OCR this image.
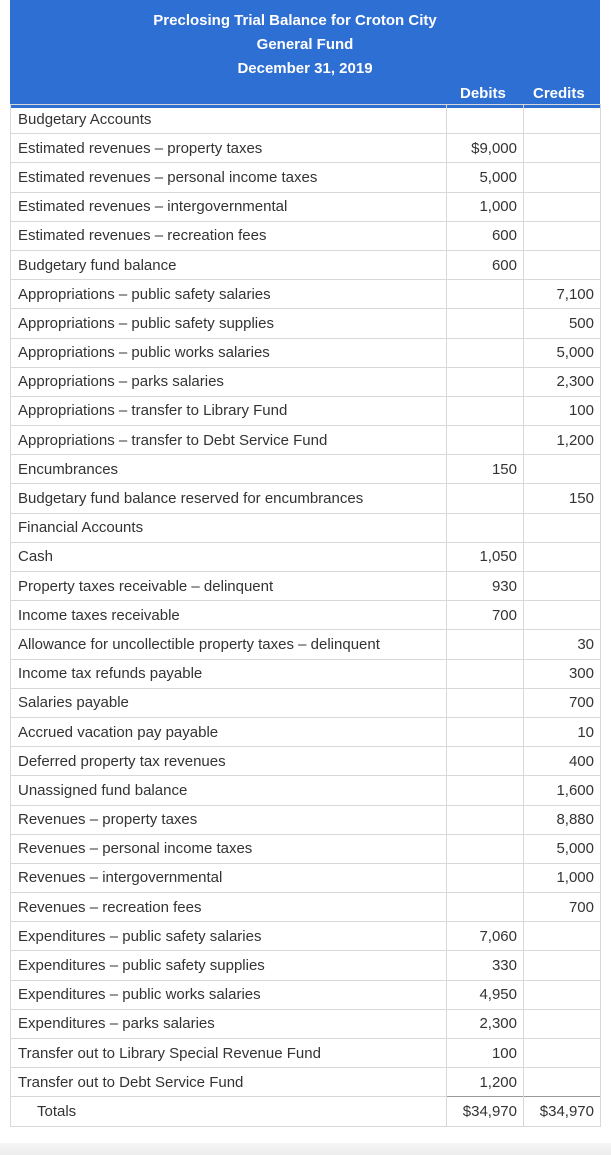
Preclosing Trial Balance for Croton City
General Fund
December 31, 2019
Debits Credits
Budgetary Accounts		
Estimated revenues – property taxes	$9,000	
Estimated revenues – personal income taxes	5,000	
Estimated revenues – intergovernmental	1,000	
Estimated revenues – recreation fees	600	
Budgetary fund balance	600	
Appropriations – public safety salaries		7,100
Appropriations – public safety supplies		500
Appropriations – public works salaries		5,000
Appropriations – parks salaries		2,300
Appropriations – transfer to Library Fund		100
Appropriations – transfer to Debt Service Fund		1,200
Encumbrances	150	
Budgetary fund balance reserved for encumbrances		150
Financial Accounts		
Cash	1,050	
Property taxes receivable – delinquent	930	
Income taxes receivable	700	
Allowance for uncollectible property taxes – delinquent		30
Income tax refunds payable		300
Salaries payable		700
Accrued vacation pay payable		10
Deferred property tax revenues		400
Unassigned fund balance		1,600
Revenues – property taxes		8,880
Revenues – personal income taxes		5,000
Revenues – intergovernmental		1,000
Revenues – recreation fees		700
Expenditures – public safety salaries	7,060	
Expenditures – public safety supplies	330	
Expenditures – public works salaries	4,950	
Expenditures – parks salaries	2,300	
Transfer out to Library Special Revenue Fund	100	
Transfer out to Debt Service Fund	1,200	
Totals	$34,970	$34,970
